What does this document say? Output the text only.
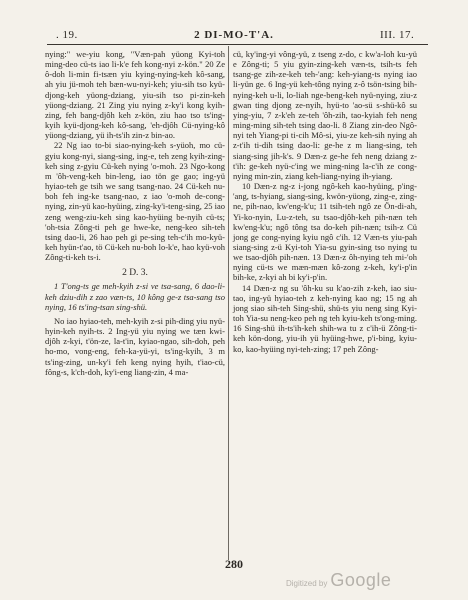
. 19.	2 DI-MO-T'A.	III. 17.

nying:" we-yiu kong, "Væn-pah yüong Kyi-toh ming-deo cü-ts iao li-k'e feh kong-nyi z-kön." 20 Ze ô-doh li-min fi-tsæn yiu kying-nying-keh kô-sang, ah yiu jü-moh teh bæn-wu-nyi-keh; yiu-sih tso kyü-djong-keh yüong-dziang, yiu-sih tso pi-zin-keh yüong-dziang. 21 Zing yiu nying z-ky'i kong kyih-zing, feh bang-djôh keh z-kön, ziu hao tso ts'ing-kyih kyü-djong-keh kô-sang, 'eh-djôh Cü-nying-kô yüong-dziang, yü ih-ts'ih zin-z bin-ao.

22 Ng iao to-bi siao-nying-keh s-yüoh, mo cü-gyiu kong-nyi, siang-sing, ing-e, teh zeng kyih-zing-keh sing z-gyiu Cü-keh nying 'o-moh. 23 Ngo-kong m 'ôh-veng-keh bin-leng, iao tön ge gao; ing-yü hyiao-teh ge tsih we sang tsang-nao. 24 Cü-keh nu-boh feh ing-ke tsang-nao, z iao 'o-moh de-cong-nying, zin-yü kao-hyüing, zing-ky'i-teng-sing, 25 iao zeng weng-ziu-keh sing kao-hyüing be-nyih cü-ts; 'oh-tsia Zông-ti peh ge hwe-ke, neng-keo sih-teh tsing dao-li, 26 hao peh gi pe-sing teh-c'ih mo-kyü-keh hyün-t'ao, tö Cü-keh nu-boh lo-k'e, hao kyü-voh Zông-ti-keh ts-i.

2 D. 3.

1 T'ong-ts ge meh-kyih z-si ve tsa-sang, 6 dao-li-keh dziu-dih z zao væn-ts, 10 kông ge-z tsa-sang tso nying, 16 ts'ing-tsan sing-shü.

No iao hyiao-teh, meh-kyih z-si pih-ding yiu nyü-hyin-keh nyih-ts. 2 Ing-yü yiu nying we tæn kwi-djôh z-kyi, t'ön-ze, la-t'in, kyiao-ngao, sih-doh, peh ho-mo, vong-eng, feh-ka-yü-yi, ts'ing-kyih, 3 m ts'ing-zing, un-ky'i feh keng nying hyih, t'iao-cü, fông-s, k'ch-doh, ky'i-eng liang-zin, 4 ma-

cü, ky'ing-yi vông-yü, z tseng z-do, c kw'a-loh ku-yü e Zông-ti; 5 yiu gyin-zing-keh væn-ts, tsih-ts feh tsang-ge zih-ze-keh teh-'ang: keh-yiang-ts nying iao li-yün ge. 6 Ing-yü keh-tông nying z-ô tsön-tsing bih-nying-keh u-li, lo-liah nge-beng-keh nyü-nying, ziu-z gwan ting djong ze-nyih, hyü-to 'ao-sü s-shü-kô su ying-yiu, 7 z-k'eh ze-teh 'ôh-zih, tao-kyiah feh neng ming-ming sih-teh tsing dao-li. 8 Ziang zin-deo Ngô-nyi teh Yiang-pi ti-cih Mô-si, yiu-ze keh-sih nying ah z-t'ih ti-dih tsing dao-li: ge-he z m liang-sing, teh siang-sing jih-k's. 9 Dæn-z ge-he feh neng dziang z-t'ih: ge-keh nyü-c'ing we ming-ning la-c'ih ze cong-nying min-zin, ziang keh-liang-nying ih-yiang.

10 Dæn-z ng-z i-jong ngô-keh kao-hyüing, p'ing-'ang, ts-hyiang, siang-sing, kwön-yüong, zing-e, zing-ne, pih-nao, kw'eng-k'u; 11 tsih-teh ngô ze Ön-di-ah, Yi-ko-nyin, Lu-z-teh, su tsao-djôh-keh pih-næn teh kw'eng-k'u; ngô tông tsa do-keh pih-næn; tsih-z Cü jong ge cong-nying kyiu ngô c'ih. 12 Væn-ts yiu-pah siang-sing z-ü Kyi-toh Yia-su gyin-sing tso nying tu we tsao-djôh pih-næn. 13 Dæn-z ôh-nying teh mi-'oh nying cü-ts we mæn-mæn kô-zong z-keh, ky'i-p'in bih-ke, z-kyi ah bi ky'i-p'in.

14 Dæn-z ng su 'ôh-ku su k'ao-zih z-keh, iao siu-tao, ing-yü hyiao-teh z keh-nying kao ng; 15 ng ah jong siao sih-teh Sing-shü, shü-ts yiu neng sing Kyi-toh Yia-su neng-keo peh ng teh kyiu-keh ts'ong-ming. 16 Sing-shü ih-ts'ih-keh shih-wa tu z c'ih-ü Zông-ti-keh kön-dong, yiu-ih yü hyüing-hwe, p'i-bing, kyiu-ko, kao-hyüing nyi-teh-zing; 17 peh Zông-

280
Digitized by Google
